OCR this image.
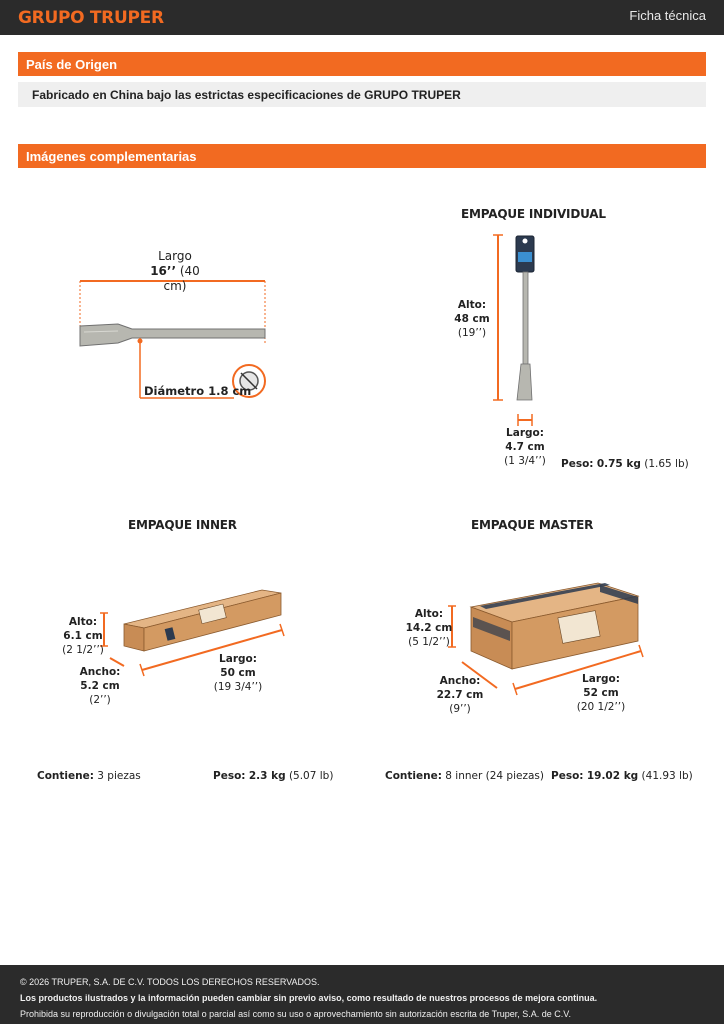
GRUPO TRUPER	Ficha técnica
País de Origen
Fabricado en China bajo las estrictas especificaciones de GRUPO TRUPER
Imágenes complementarias
Largo
16’’ (40 cm)
Diámetro 1.8 cm
EMPAQUE INDIVIDUAL
Alto:
48 cm
(19’’)
Largo:
4.7 cm
(1 3/4’’)	Peso: 0.75 kg (1.65 lb)
EMPAQUE INNER
Alto:
6.1 cm
(2 1/2’’)
Ancho:
5.2 cm
(2’’)
Largo:
50 cm
(19 3/4’’)
Contiene: 3 piezas	Peso: 2.3 kg (5.07 lb)
EMPAQUE MASTER
Alto:
14.2 cm
(5 1/2’’)
Ancho:
22.7 cm
(9’’)
Largo:
52 cm
(20 1/2’’)
Contiene: 8 inner (24 piezas) Peso: 19.02 kg (41.93 lb)
© 2026 TRUPER, S.A. DE C.V. TODOS LOS DERECHOS RESERVADOS.
Los productos ilustrados y la información pueden cambiar sin previo aviso, como resultado de nuestros procesos de mejora continua.
Prohibida su reproducción o divulgación total o parcial así como su uso o aprovechamiento sin autorización escrita de Truper, S.A. de C.V.
